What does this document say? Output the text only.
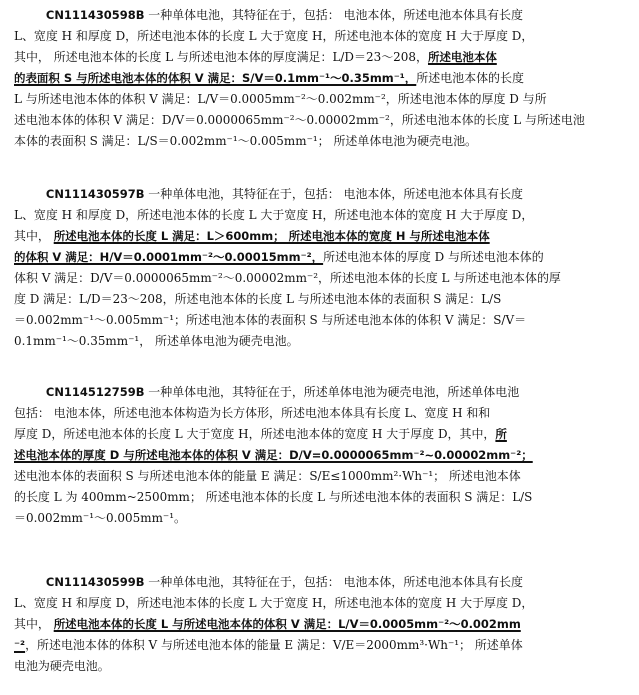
CN111430598B 一种单体电池，其特征在于，包括： 电池本体，所述电池本体具有长度
L、宽度 H 和厚度 D，所述电池本体的长度 L 大于宽度 H，所述电池本体的宽度 H 大于厚度 D，
其中， 所述电池本体的长度 L 与所述电池本体的厚度满足：L/D＝23～208，所述电池本体
的表面积 S 与所述电池本体的体积 V 满足：S/V＝0.1mm⁻¹～0.35mm⁻¹，所述电池本体的长度
L 与所述电池本体的体积 V 满足：L/V＝0.0005mm⁻²～0.002mm⁻²，所述电池本体的厚度 D 与所
述电池本体的体积 V 满足：D/V＝0.0000065mm⁻²～0.00002mm⁻²，所述电池本体的长度 L 与所述电池
本体的表面积 S 满足：L/S＝0.002mm⁻¹～0.005mm⁻¹； 所述单体电池为硬壳电池。
CN111430597B 一种单体电池，其特征在于，包括： 电池本体，所述电池本体具有长度
L、宽度 H 和厚度 D，所述电池本体的长度 L 大于宽度 H，所述电池本体的宽度 H 大于厚度 D，
其中， 所述电池本体的长度 L 满足：L＞600mm； 所述电池本体的宽度 H 与所述电池本体
的体积 V 满足：H/V＝0.0001mm⁻²～0.00015mm⁻²，所述电池本体的厚度 D 与所述电池本体的
体积 V 满足：D/V＝0.0000065mm⁻²～0.00002mm⁻²，所述电池本体的长度 L 与所述电池本体的厚
度 D 满足：L/D＝23～208，所述电池本体的长度 L 与所述电池本体的表面积 S 满足：L/S
＝0.002mm⁻¹～0.005mm⁻¹；所述电池本体的表面积 S 与所述电池本体的体积 V 满足：S/V＝
0.1mm⁻¹～0.35mm⁻¹， 所述单体电池为硬壳电池。
CN114512759B 一种单体电池，其特征在于，所述单体电池为硬壳电池，所述单体电池
包括： 电池本体，所述电池本体构造为长方体形，所述电池本体具有长度 L、宽度 H 和和
厚度 D，所述电池本体的长度 L 大于宽度 H，所述电池本体的宽度 H 大于厚度 D，其中，所
述电池本体的厚度 D 与所述电池本体的体积 V 满足：D/V=0.0000065mm⁻²~0.00002mm⁻²；
述电池本体的表面积 S 与所述电池本体的能量 E 满足：S/E≤1000mm²·Wh⁻¹； 所述电池本体
的长度 L 为 400mm~2500mm； 所述电池本体的长度 L 与所述电池本体的表面积 S 满足：L/S
＝0.002mm⁻¹～0.005mm⁻¹。
CN111430599B 一种单体电池，其特征在于，包括： 电池本体，所述电池本体具有长度
L、宽度 H 和厚度 D，所述电池本体的长度 L 大于宽度 H，所述电池本体的宽度 H 大于厚度 D，
其中， 所述电池本体的长度 L 与所述电池本体的体积 V 满足：L/V＝0.0005mm⁻²～0.002mm
⁻²，所述电池本体的体积 V 与所述电池本体的能量 E 满足：V/E＝2000mm³·Wh⁻¹； 所述单体
电池为硬壳电池。
